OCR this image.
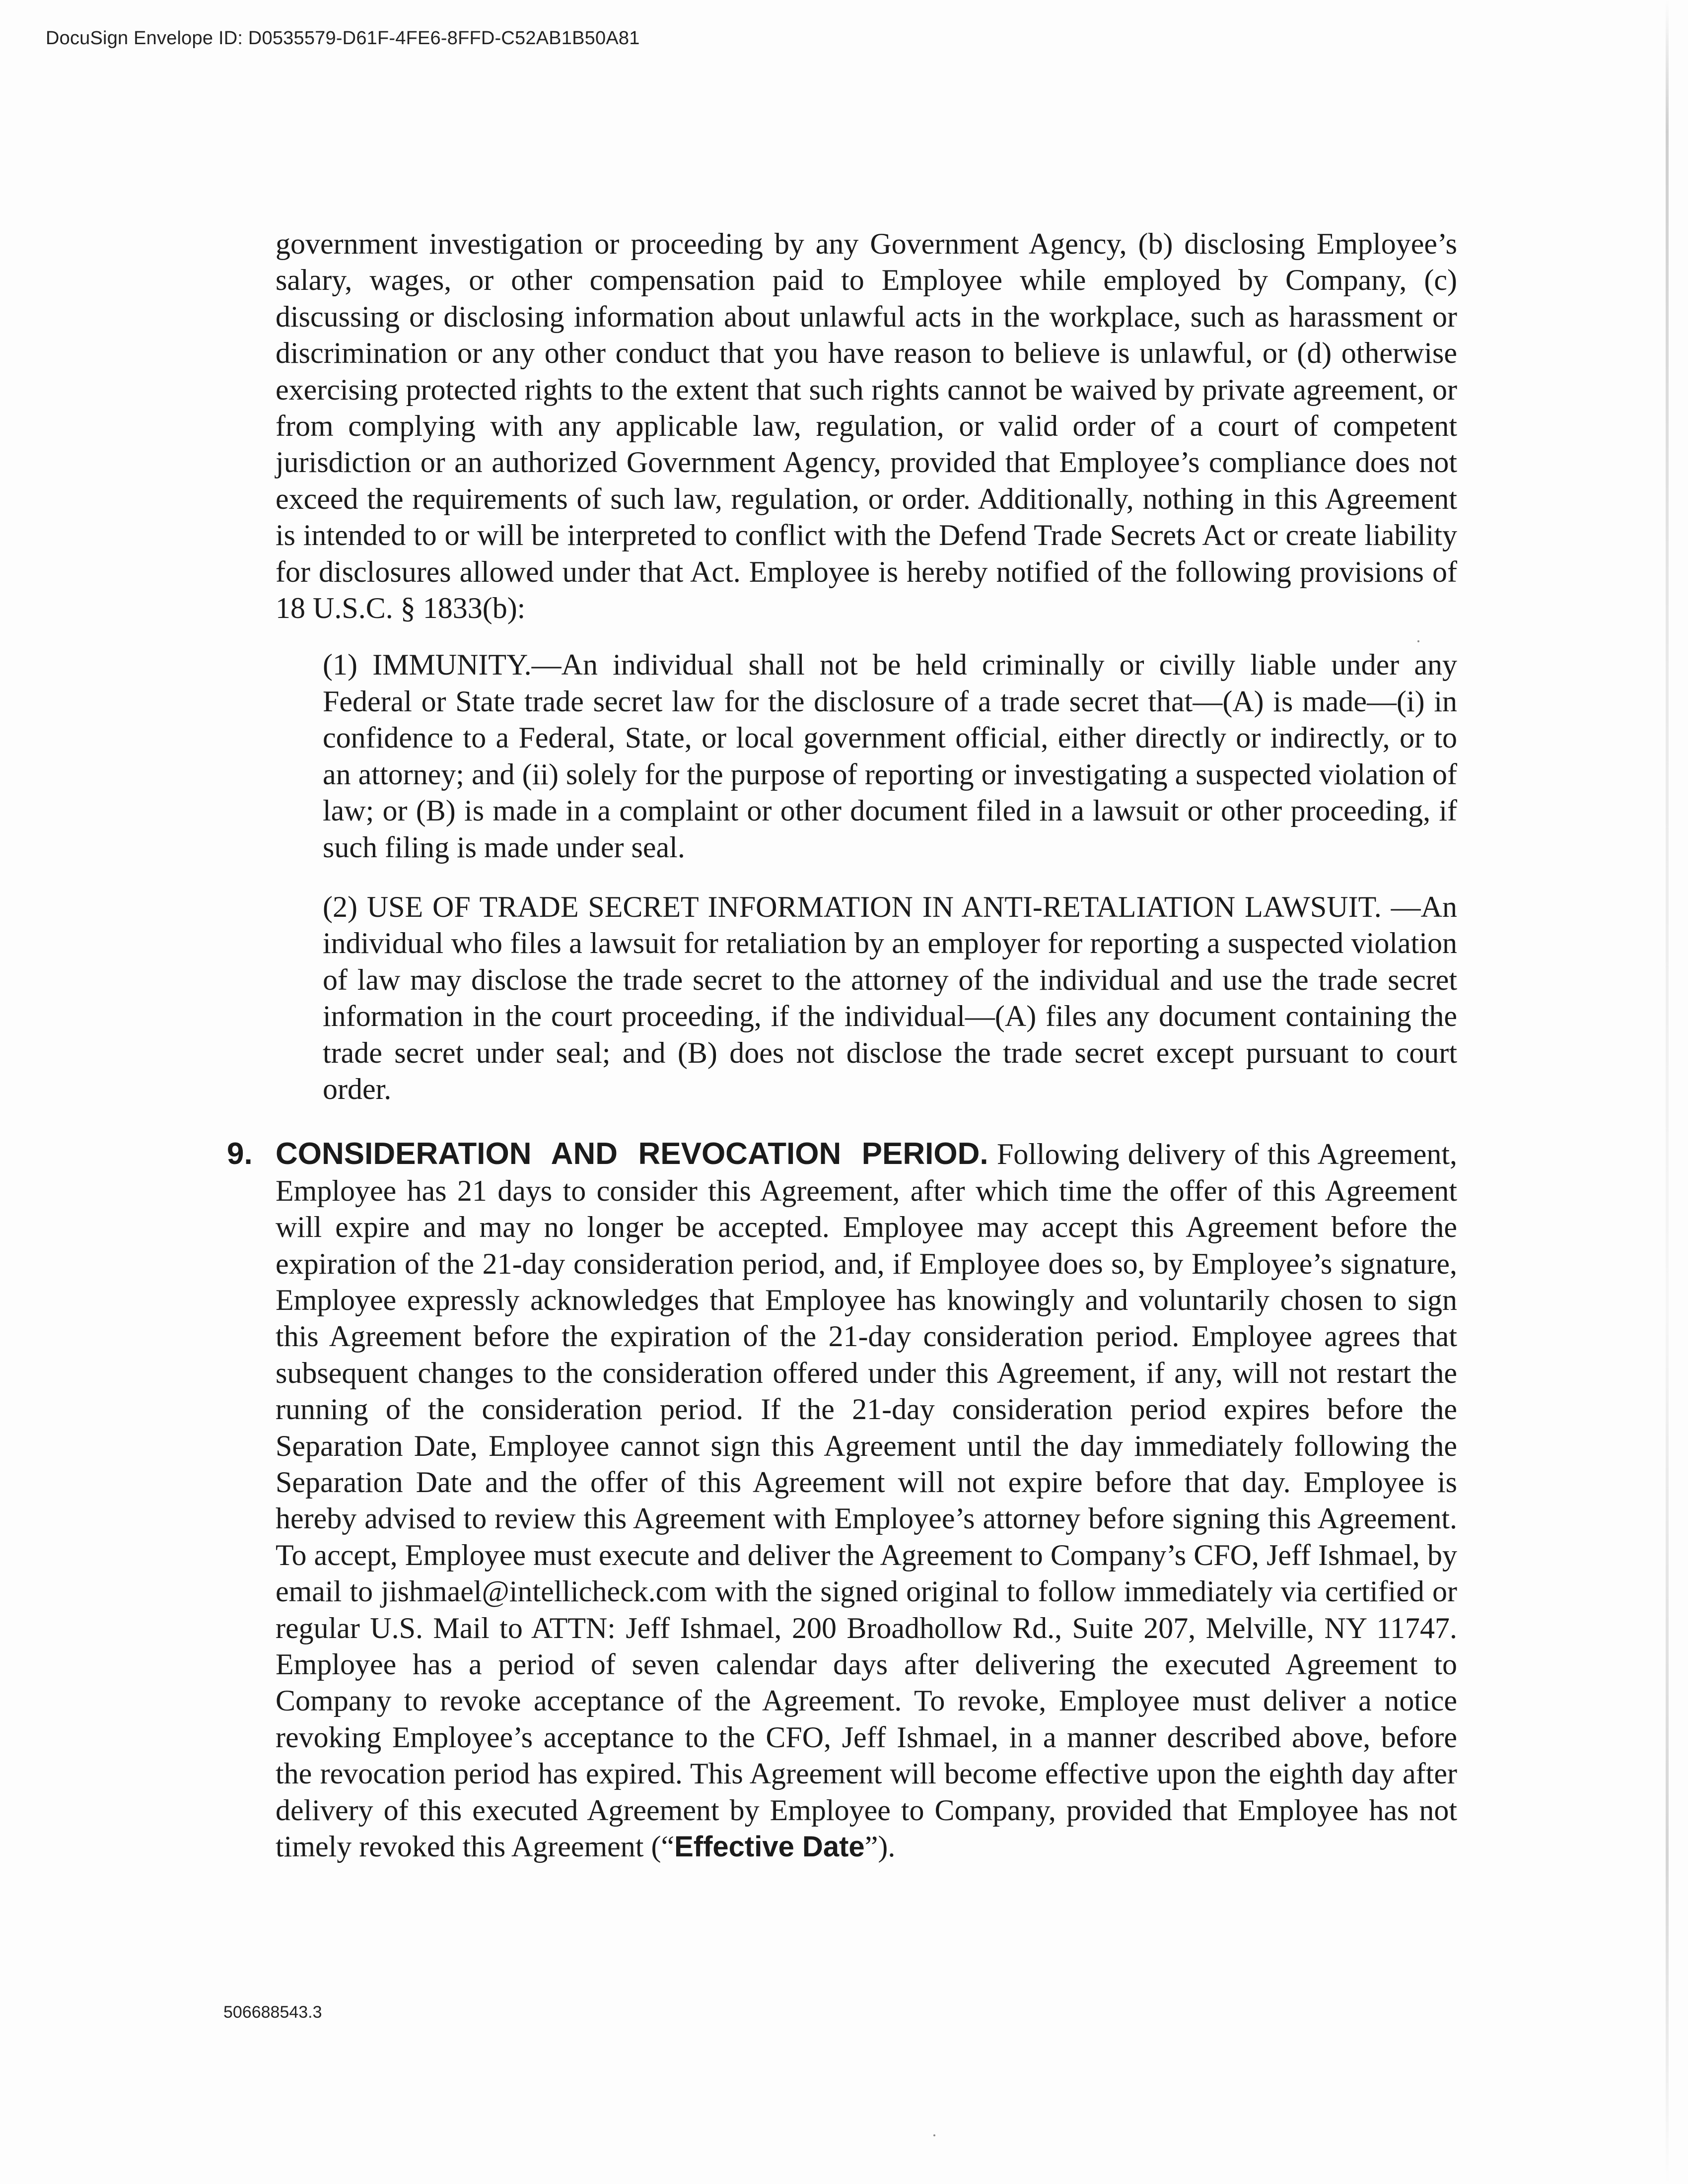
DocuSign Envelope ID: D0535579-D61F-4FE6-8FFD-C52AB1B50A81

government investigation or proceeding by any Government Agency, (b) disclosing Employee’s salary, wages, or other compensation paid to Employee while employed by Company, (c) discussing or disclosing information about unlawful acts in the workplace, such as harassment or discrimination or any other conduct that you have reason to believe is unlawful, or (d) otherwise exercising protected rights to the extent that such rights cannot be waived by private agreement, or from complying with any applicable law, regulation, or valid order of a court of competent jurisdiction or an authorized Government Agency, provided that Employee’s compliance does not exceed the requirements of such law, regulation, or order. Additionally, nothing in this Agreement is intended to or will be interpreted to conflict with the Defend Trade Secrets Act or create liability for disclosures allowed under that Act. Employee is hereby notified of the following provisions of 18 U.S.C. § 1833(b):

(1) IMMUNITY.—An individual shall not be held criminally or civilly liable under any Federal or State trade secret law for the disclosure of a trade secret that—(A) is made—(i) in confidence to a Federal, State, or local government official, either directly or indirectly, or to an attorney; and (ii) solely for the purpose of reporting or investigating a suspected violation of law; or (B) is made in a complaint or other document filed in a lawsuit or other proceeding, if such filing is made under seal.

(2) USE OF TRADE SECRET INFORMATION IN ANTI-RETALIATION LAWSUIT. —An individual who files a lawsuit for retaliation by an employer for reporting a suspected violation of law may disclose the trade secret to the attorney of the individual and use the trade secret information in the court proceeding, if the individual—(A) files any document containing the trade secret under seal; and (B) does not disclose the trade secret except pursuant to court order.

9. CONSIDERATION AND REVOCATION PERIOD. Following delivery of this Agreement, Employee has 21 days to consider this Agreement, after which time the offer of this Agreement will expire and may no longer be accepted. Employee may accept this Agreement before the expiration of the 21-day consideration period, and, if Employee does so, by Employee’s signature, Employee expressly acknowledges that Employee has knowingly and voluntarily chosen to sign this Agreement before the expiration of the 21-day consideration period. Employee agrees that subsequent changes to the consideration offered under this Agreement, if any, will not restart the running of the consideration period. If the 21-day consideration period expires before the Separation Date, Employee cannot sign this Agreement until the day immediately following the Separation Date and the offer of this Agreement will not expire before that day. Employee is hereby advised to review this Agreement with Employee’s attorney before signing this Agreement. To accept, Employee must execute and deliver the Agreement to Company’s CFO, Jeff Ishmael, by email to jishmael@intellicheck.com with the signed original to follow immediately via certified or regular U.S. Mail to ATTN: Jeff Ishmael, 200 Broadhollow Rd., Suite 207, Melville, NY 11747. Employee has a period of seven calendar days after delivering the executed Agreement to Company to revoke acceptance of the Agreement. To revoke, Employee must deliver a notice revoking Employee’s acceptance to the CFO, Jeff Ishmael, in a manner described above, before the revocation period has expired. This Agreement will become effective upon the eighth day after delivery of this executed Agreement by Employee to Company, provided that Employee has not timely revoked this Agreement (“Effective Date”).

506688543.3
